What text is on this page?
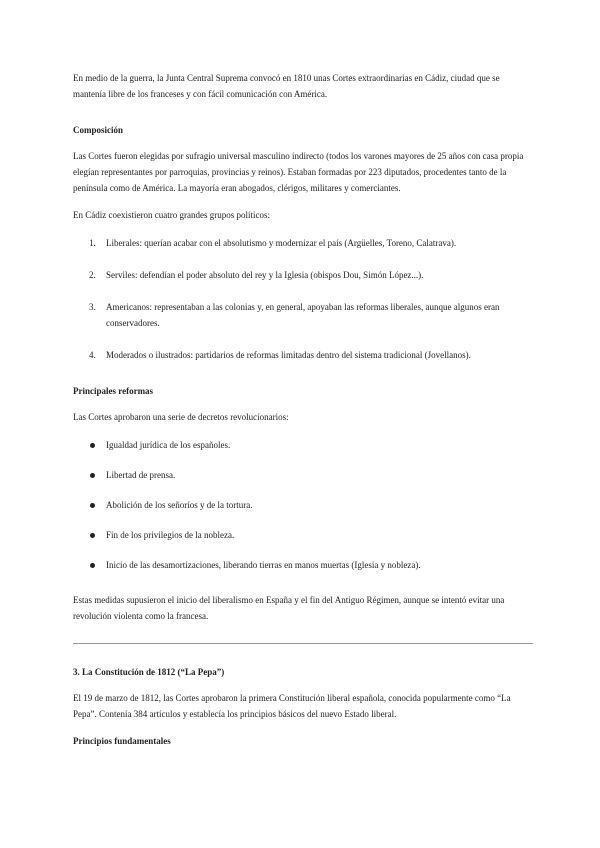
En medio de la guerra, la Junta Central Suprema convocó en 1810 unas Cortes extraordinarias en Cádiz, ciudad que se mantenía libre de los franceses y con fácil comunicación con América.

Composición

Las Cortes fueron elegidas por sufragio universal masculino indirecto (todos los varones mayores de 25 años con casa propia elegían representantes por parroquias, provincias y reinos). Estaban formadas por 223 diputados, procedentes tanto de la península como de América. La mayoría eran abogados, clérigos, militares y comerciantes.

En Cádiz coexistieron cuatro grandes grupos políticos:

1.	Liberales: querían acabar con el absolutismo y modernizar el país (Argüelles, Toreno, Calatrava).
2.	Serviles: defendían el poder absoluto del rey y la Iglesia (obispos Dou, Simón López...).
3.	Americanos: representaban a las colonias y, en general, apoyaban las reformas liberales, aunque algunos eran conservadores.
4.	Moderados o ilustrados: partidarios de reformas limitadas dentro del sistema tradicional (Jovellanos).

Principales reformas

Las Cortes aprobaron una serie de decretos revolucionarios:

Igualdad jurídica de los españoles.
Libertad de prensa.
Abolición de los señoríos y de la tortura.
Fin de los privilegios de la nobleza.
Inicio de las desamortizaciones, liberando tierras en manos muertas (Iglesia y nobleza).

Estas medidas supusieron el inicio del liberalismo en España y el fin del Antiguo Régimen, aunque se intentó evitar una revolución violenta como la francesa.

3. La Constitución de 1812 (“La Pepa”)

El 19 de marzo de 1812, las Cortes aprobaron la primera Constitución liberal española, conocida popularmente como “La Pepa”. Contenía 384 artículos y establecía los principios básicos del nuevo Estado liberal.

Principios fundamentales
